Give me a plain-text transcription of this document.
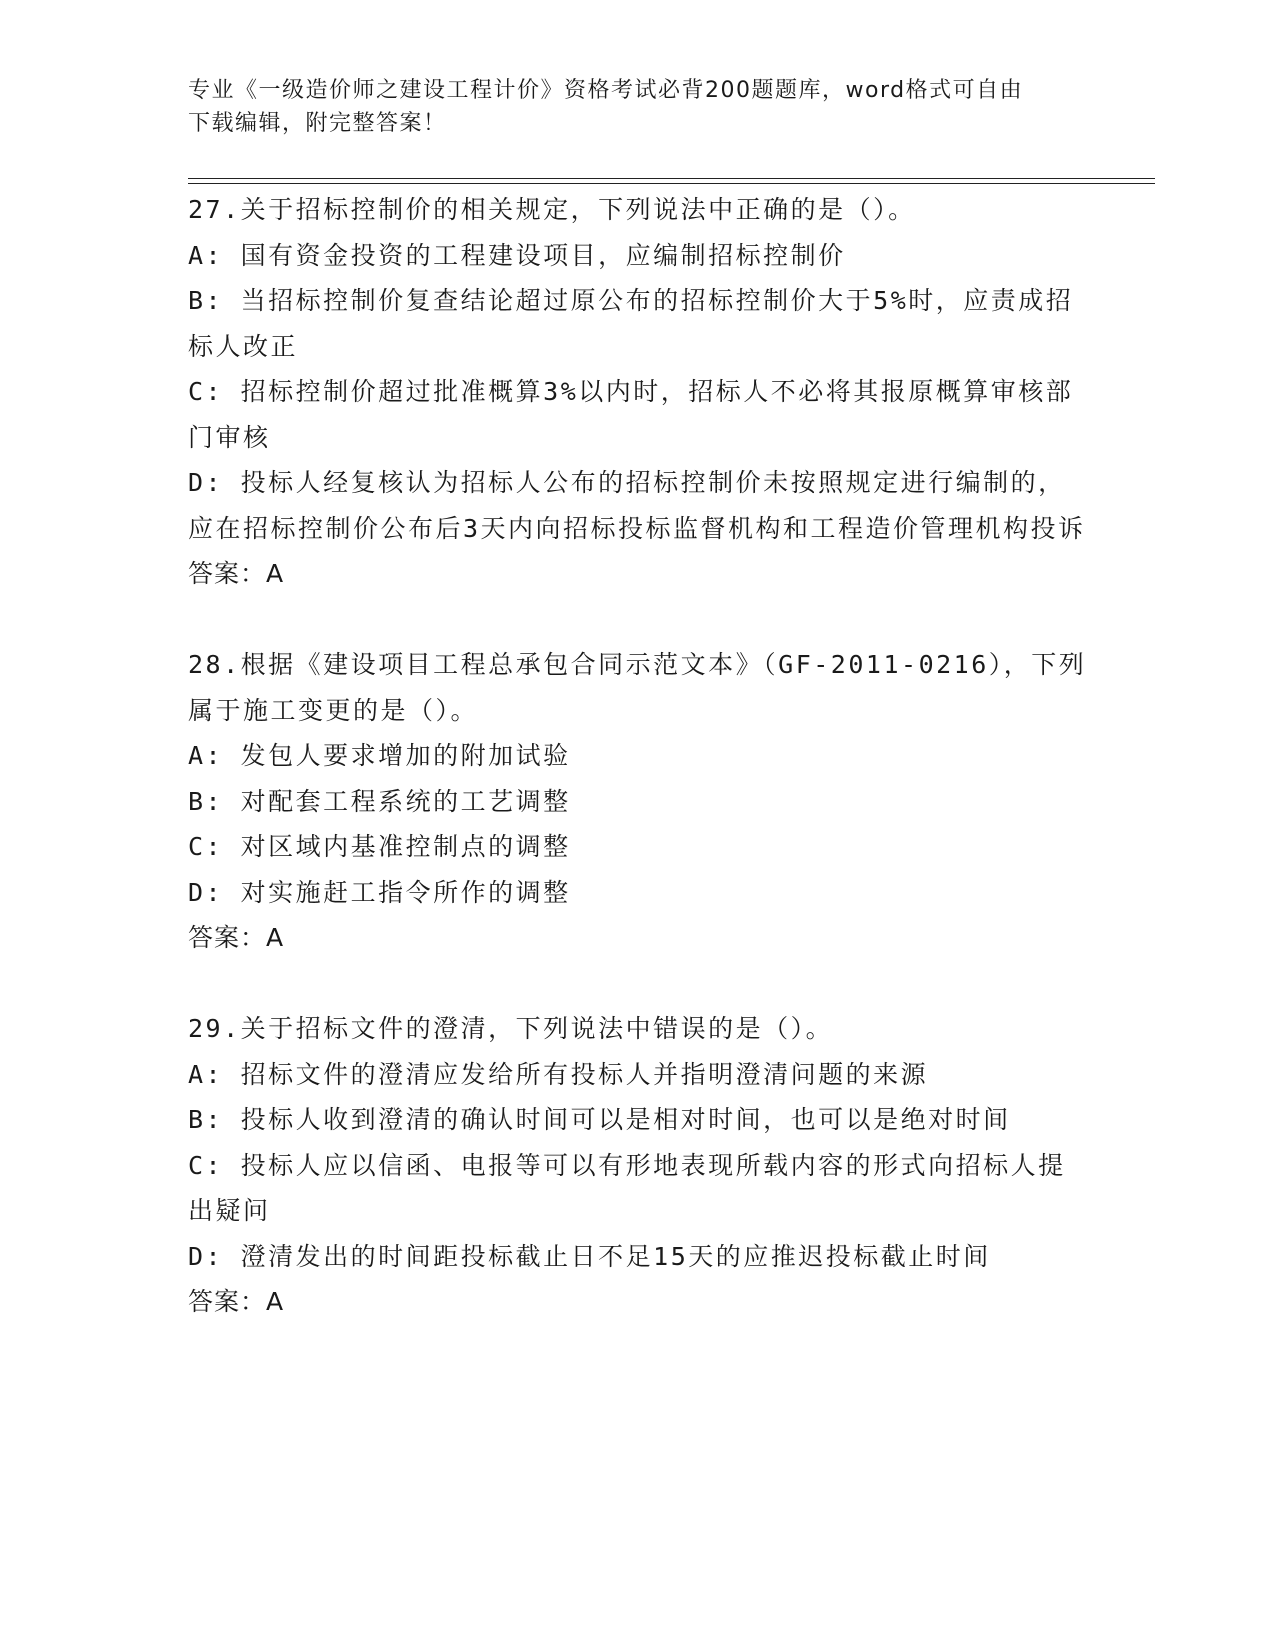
专业《一级造价师之建设工程计价》资格考试必背200题题库，word格式可自由
下载编辑，附完整答案！

27.关于招标控制价的相关规定，下列说法中正确的是（）。

A: 国有资金投资的工程建设项目，应编制招标控制价

B: 当招标控制价复查结论超过原公布的招标控制价大于5%时，应责成招标人改正

C: 招标控制价超过批准概算3%以内时，招标人不必将其报原概算审核部门审核

D: 投标人经复核认为招标人公布的招标控制价未按照规定进行编制的，应在招标控制价公布后3天内向招标投标监督机构和工程造价管理机构投诉

答案：A

28.根据《建设项目工程总承包合同示范文本》（GF-2011-0216），下列属于施工变更的是（）。

A: 发包人要求增加的附加试验

B: 对配套工程系统的工艺调整

C: 对区域内基准控制点的调整

D: 对实施赶工指令所作的调整

答案：A

29.关于招标文件的澄清，下列说法中错误的是（）。

A: 招标文件的澄清应发给所有投标人并指明澄清问题的来源

B: 投标人收到澄清的确认时间可以是相对时间，也可以是绝对时间

C: 投标人应以信函、电报等可以有形地表现所载内容的形式向招标人提出疑问

D: 澄清发出的时间距投标截止日不足15天的应推迟投标截止时间

答案：A
